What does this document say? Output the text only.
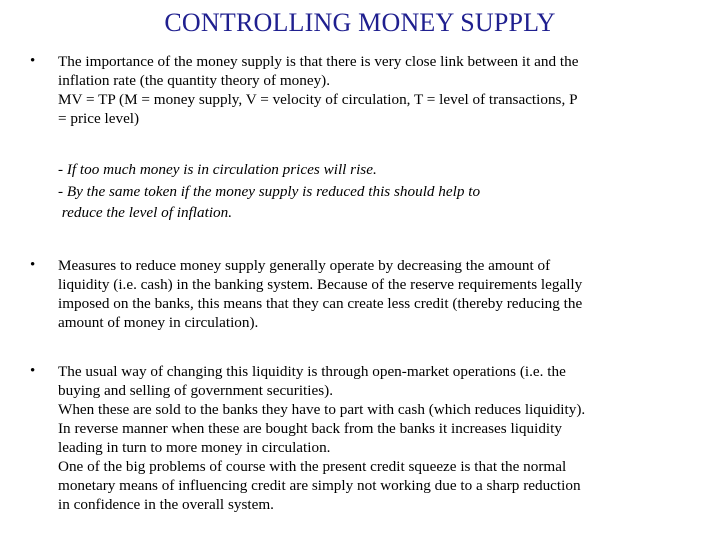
CONTROLLING MONEY SUPPLY
• The importance of the money supply is that there is very close link between it and the
inflation rate (the quantity theory of money).
MV = TP (M = money supply, V = velocity of circulation, T = level of transactions, P
= price level)
- If too much money is in circulation prices will rise.
- By the same token if the money supply is reduced this should help to
reduce the level of inflation.
• Measures to reduce money supply generally operate by decreasing the amount of
liquidity (i.e. cash) in the banking system. Because of the reserve requirements legally
imposed on the banks, this means that they can create less credit (thereby reducing the
amount of money in circulation).
• The usual way of changing this liquidity is through open-market operations (i.e. the
buying and selling of government securities).
When these are sold to the banks they have to part with cash (which reduces liquidity).
In reverse manner when these are bought back from the banks it increases liquidity
leading in turn to more money in circulation.
One of the big problems of course with the present credit squeeze is that the normal
monetary means of influencing credit are simply not working due to a sharp reduction
in confidence in the overall system.
